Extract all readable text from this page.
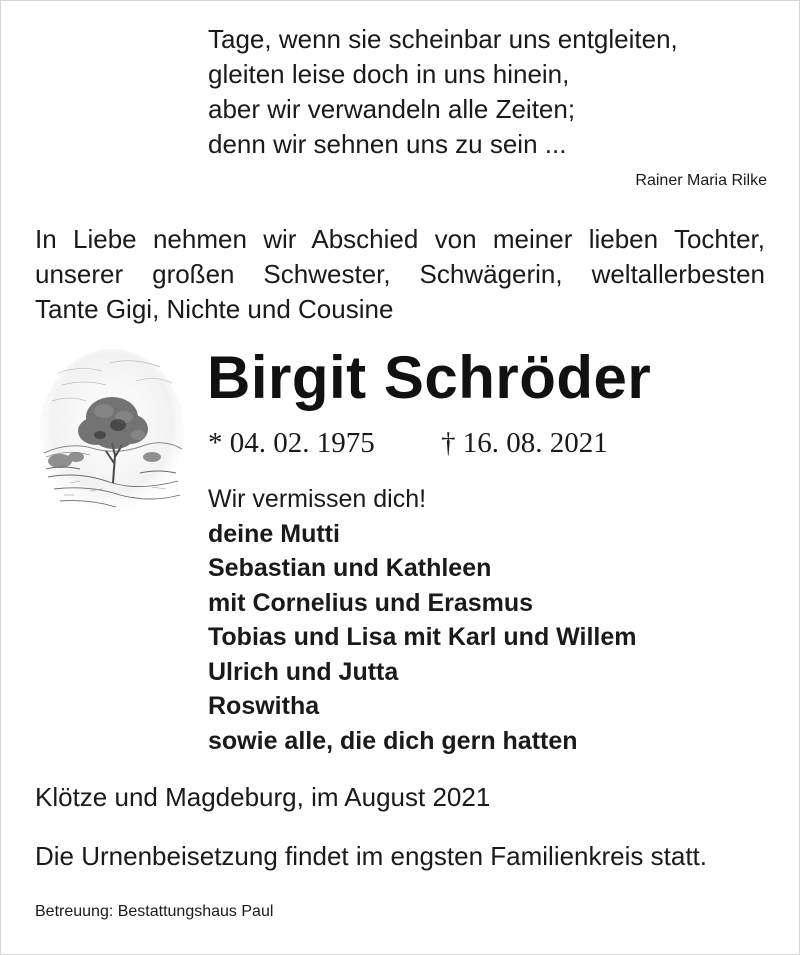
Tage, wenn sie scheinbar uns entgleiten,
gleiten leise doch in uns hinein,
aber wir verwandeln alle Zeiten;
denn wir sehnen uns zu sein ...
Rainer Maria Rilke
In Liebe nehmen wir Abschied von meiner lieben Tochter,
unserer großen Schwester, Schwägerin, weltallerbesten
Tante Gigi, Nichte und Cousine
Birgit Schröder
* 04. 02. 1975 † 16. 08. 2021
Wir vermissen dich!
deine Mutti
Sebastian und Kathleen
mit Cornelius und Erasmus
Tobias und Lisa mit Karl und Willem
Ulrich und Jutta
Roswitha
sowie alle, die dich gern hatten
Klötze und Magdeburg, im August 2021
Die Urnenbeisetzung findet im engsten Familienkreis statt.
Betreuung: Bestattungshaus Paul
